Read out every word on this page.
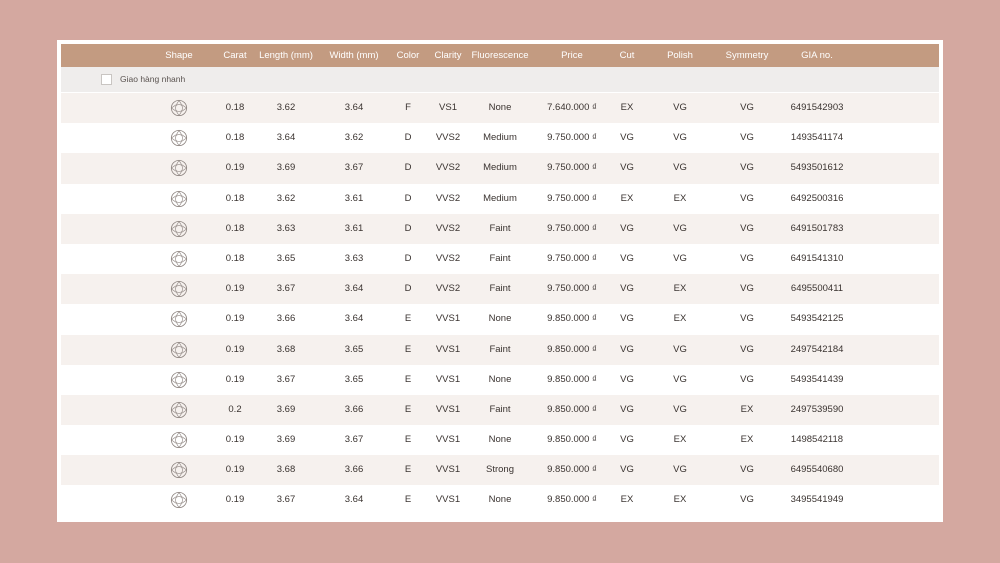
Shape	Carat	Length (mm)	Width (mm)	Color	Clarity	Fluorescence	Price	Cut	Polish	Symmetry	GIA no.
Giao hàng nhanh
0.18	3.62	3.64	F	VS1	None	7.640.000 ₫	EX	VG	VG	6491542903
0.18	3.64	3.62	D	VVS2	Medium	9.750.000 ₫	VG	VG	VG	1493541174
0.19	3.69	3.67	D	VVS2	Medium	9.750.000 ₫	VG	VG	VG	5493501612
0.18	3.62	3.61	D	VVS2	Medium	9.750.000 ₫	EX	EX	VG	6492500316
0.18	3.63	3.61	D	VVS2	Faint	9.750.000 ₫	VG	VG	VG	6491501783
0.18	3.65	3.63	D	VVS2	Faint	9.750.000 ₫	VG	VG	VG	6491541310
0.19	3.67	3.64	D	VVS2	Faint	9.750.000 ₫	VG	EX	VG	6495500411
0.19	3.66	3.64	E	VVS1	None	9.850.000 ₫	VG	EX	VG	5493542125
0.19	3.68	3.65	E	VVS1	Faint	9.850.000 ₫	VG	VG	VG	2497542184
0.19	3.67	3.65	E	VVS1	None	9.850.000 ₫	VG	VG	VG	5493541439
0.2	3.69	3.66	E	VVS1	Faint	9.850.000 ₫	VG	VG	EX	2497539590
0.19	3.69	3.67	E	VVS1	None	9.850.000 ₫	VG	EX	EX	1498542118
0.19	3.68	3.66	E	VVS1	Strong	9.850.000 ₫	VG	VG	VG	6495540680
0.19	3.67	3.64	E	VVS1	None	9.850.000 ₫	EX	EX	VG	3495541949
